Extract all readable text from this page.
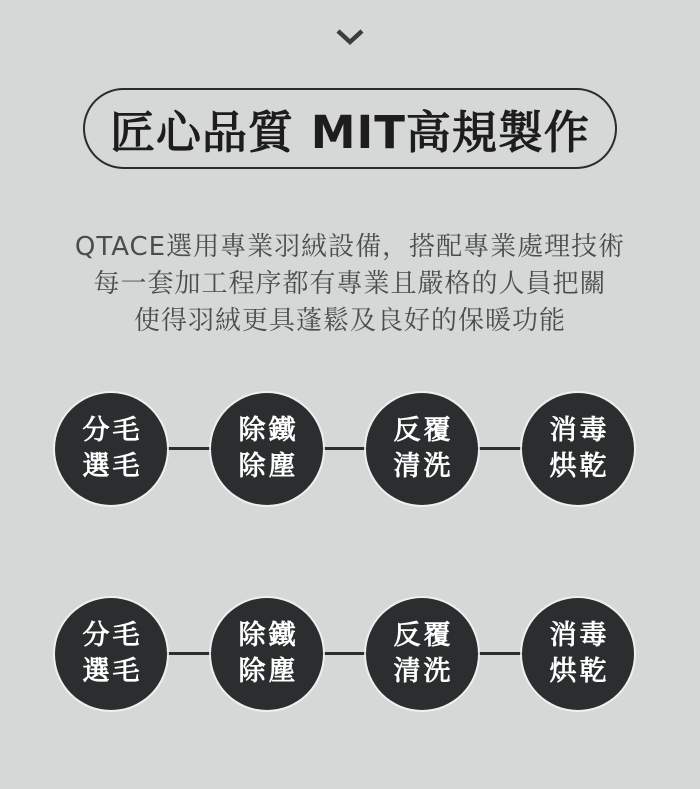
匠心品質 MIT高規製作
QTACE選用專業羽絨設備，搭配專業處理技術
每一套加工程序都有專業且嚴格的人員把關
使得羽絨更具蓬鬆及良好的保暖功能
分毛
選毛
除鐵
除塵
反覆
清洗
消毒
烘乾
分毛
選毛
除鐵
除塵
反覆
清洗
消毒
烘乾
